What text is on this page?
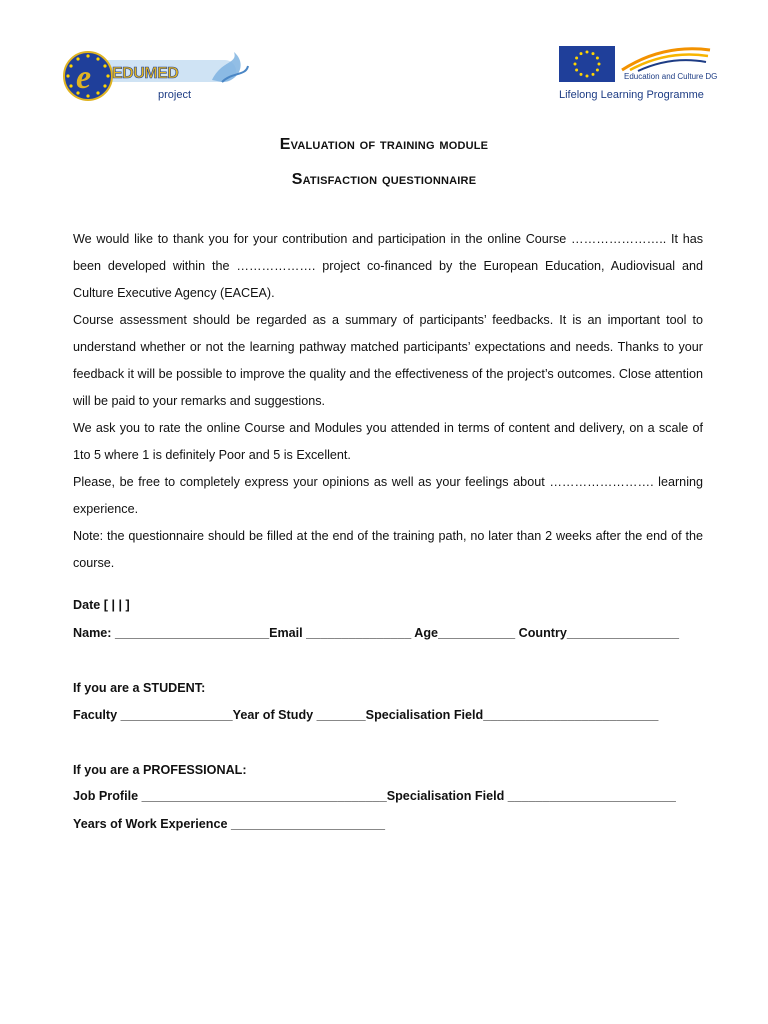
e EDUMED
project
Education and Culture DG
Lifelong Learning Programme
Evaluation of training module
Satisfaction questionnaire

We would like to thank you for your contribution and participation in the online Course ………………….. It has been developed within the ………………. project co-financed by the European Education, Audiovisual and Culture Executive Agency (EACEA).

Course assessment should be regarded as a summary of participants’ feedbacks. It is an important tool to understand whether or not the learning pathway matched participants’ expectations and needs. Thanks to your feedback it will be possible to improve the quality and the effectiveness of the project’s outcomes. Close attention will be paid to your remarks and suggestions.

We ask you to rate the online Course and Modules you attended in terms of content and delivery, on a scale of 1to 5 where 1 is definitely Poor and 5 is Excellent.

Please, be free to completely express your opinions as well as your feelings about ……………………. learning experience.

Note: the questionnaire should be filled at the end of the training path, no later than 2 weeks after the end of the course.

Date [ | | ]
Name: ______________________Email _______________ Age___________ Country________________
If you are a STUDENT:
Faculty ________________Year of Study _______Specialisation Field_________________________
If you are a PROFESSIONAL:
Job Profile ___________________________________Specialisation Field ________________________
Years of Work Experience ______________________
